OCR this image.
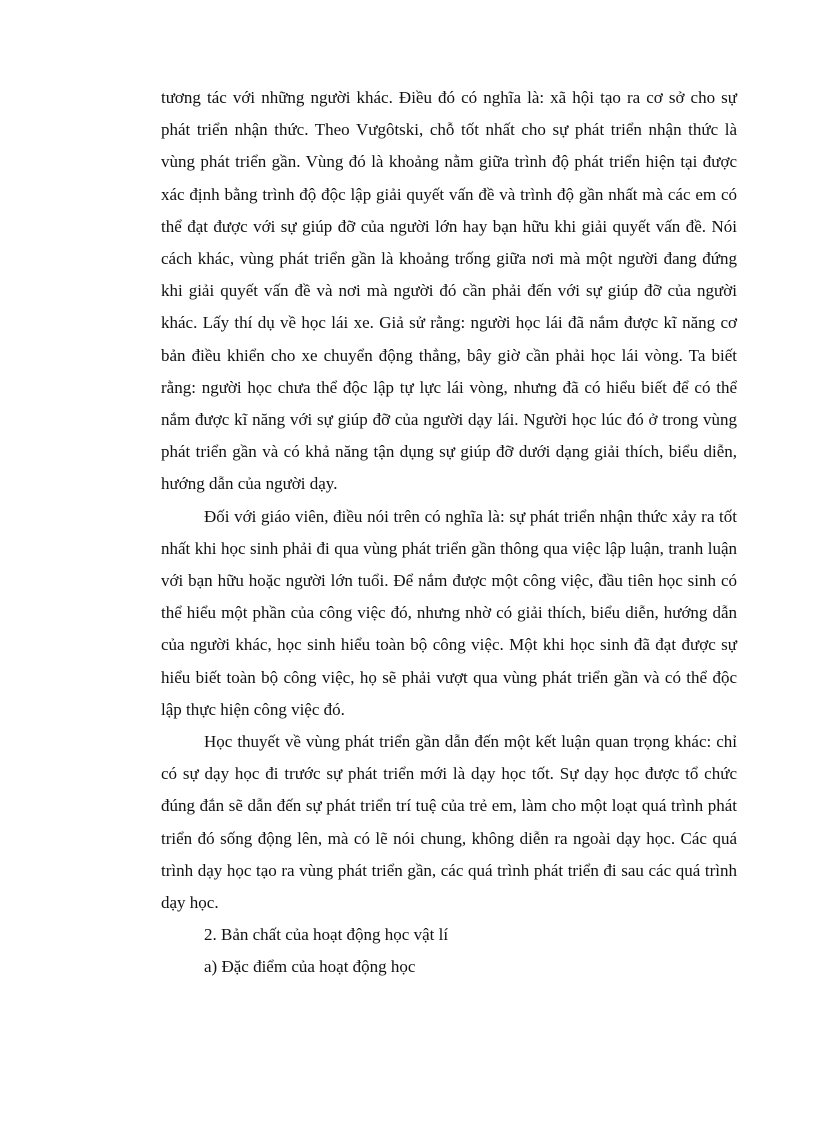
tương tác với những người khác. Điều đó có nghĩa là: xã hội tạo ra cơ sở cho sự phát triển nhận thức. Theo Vưgôtski, chỗ tốt nhất cho sự phát triển nhận thức là vùng phát triển gần. Vùng đó là khoảng nằm giữa trình độ phát triển hiện tại được xác định bằng trình độ độc lập giải quyết vấn đề và trình độ gần nhất mà các em có thể đạt được với sự giúp đỡ của người lớn hay bạn hữu khi giải quyết vấn đề. Nói cách khác, vùng phát triển gần là khoảng trống giữa nơi mà một người đang đứng khi giải quyết vấn đề và nơi mà người đó cần phải đến với sự giúp đỡ của người khác. Lấy thí dụ về học lái xe. Giả sử rằng: người học lái đã nắm được kĩ năng cơ bản điều khiển cho xe chuyển động thẳng, bây giờ cần phải học lái vòng. Ta biết rằng: người học chưa thể độc lập tự lực lái vòng, nhưng đã có hiểu biết để có thể nắm được kĩ năng với sự giúp đỡ của người dạy lái. Người học lúc đó ở trong vùng phát triển gần và có khả năng tận dụng sự giúp đỡ dưới dạng giải thích, biểu diễn, hướng dẫn của người dạy.

Đối với giáo viên, điều nói trên có nghĩa là: sự phát triển nhận thức xảy ra tốt nhất khi học sinh phải đi qua vùng phát triển gần thông qua việc lập luận, tranh luận với bạn hữu hoặc người lớn tuổi. Để nắm được một công việc, đầu tiên học sinh có thể hiểu một phần của công việc đó, nhưng nhờ có giải thích, biểu diễn, hướng dẫn của người khác, học sinh hiểu toàn bộ công việc. Một khi học sinh đã đạt được sự hiểu biết toàn bộ công việc, họ sẽ phải vượt qua vùng phát triển gần và có thể độc lập thực hiện công việc đó.

Học thuyết về vùng phát triển gần dẫn đến một kết luận quan trọng khác: chỉ có sự dạy học đi trước sự phát triển mới là dạy học tốt. Sự dạy học được tổ chức đúng đắn sẽ dẫn đến sự phát triển trí tuệ của trẻ em, làm cho một loạt quá trình phát triển đó sống động lên, mà có lẽ nói chung, không diễn ra ngoài dạy học. Các quá trình dạy học tạo ra vùng phát triển gần, các quá trình phát triển đi sau các quá trình dạy học.

2. Bản chất của hoạt động học vật lí

a) Đặc điểm của hoạt động học
